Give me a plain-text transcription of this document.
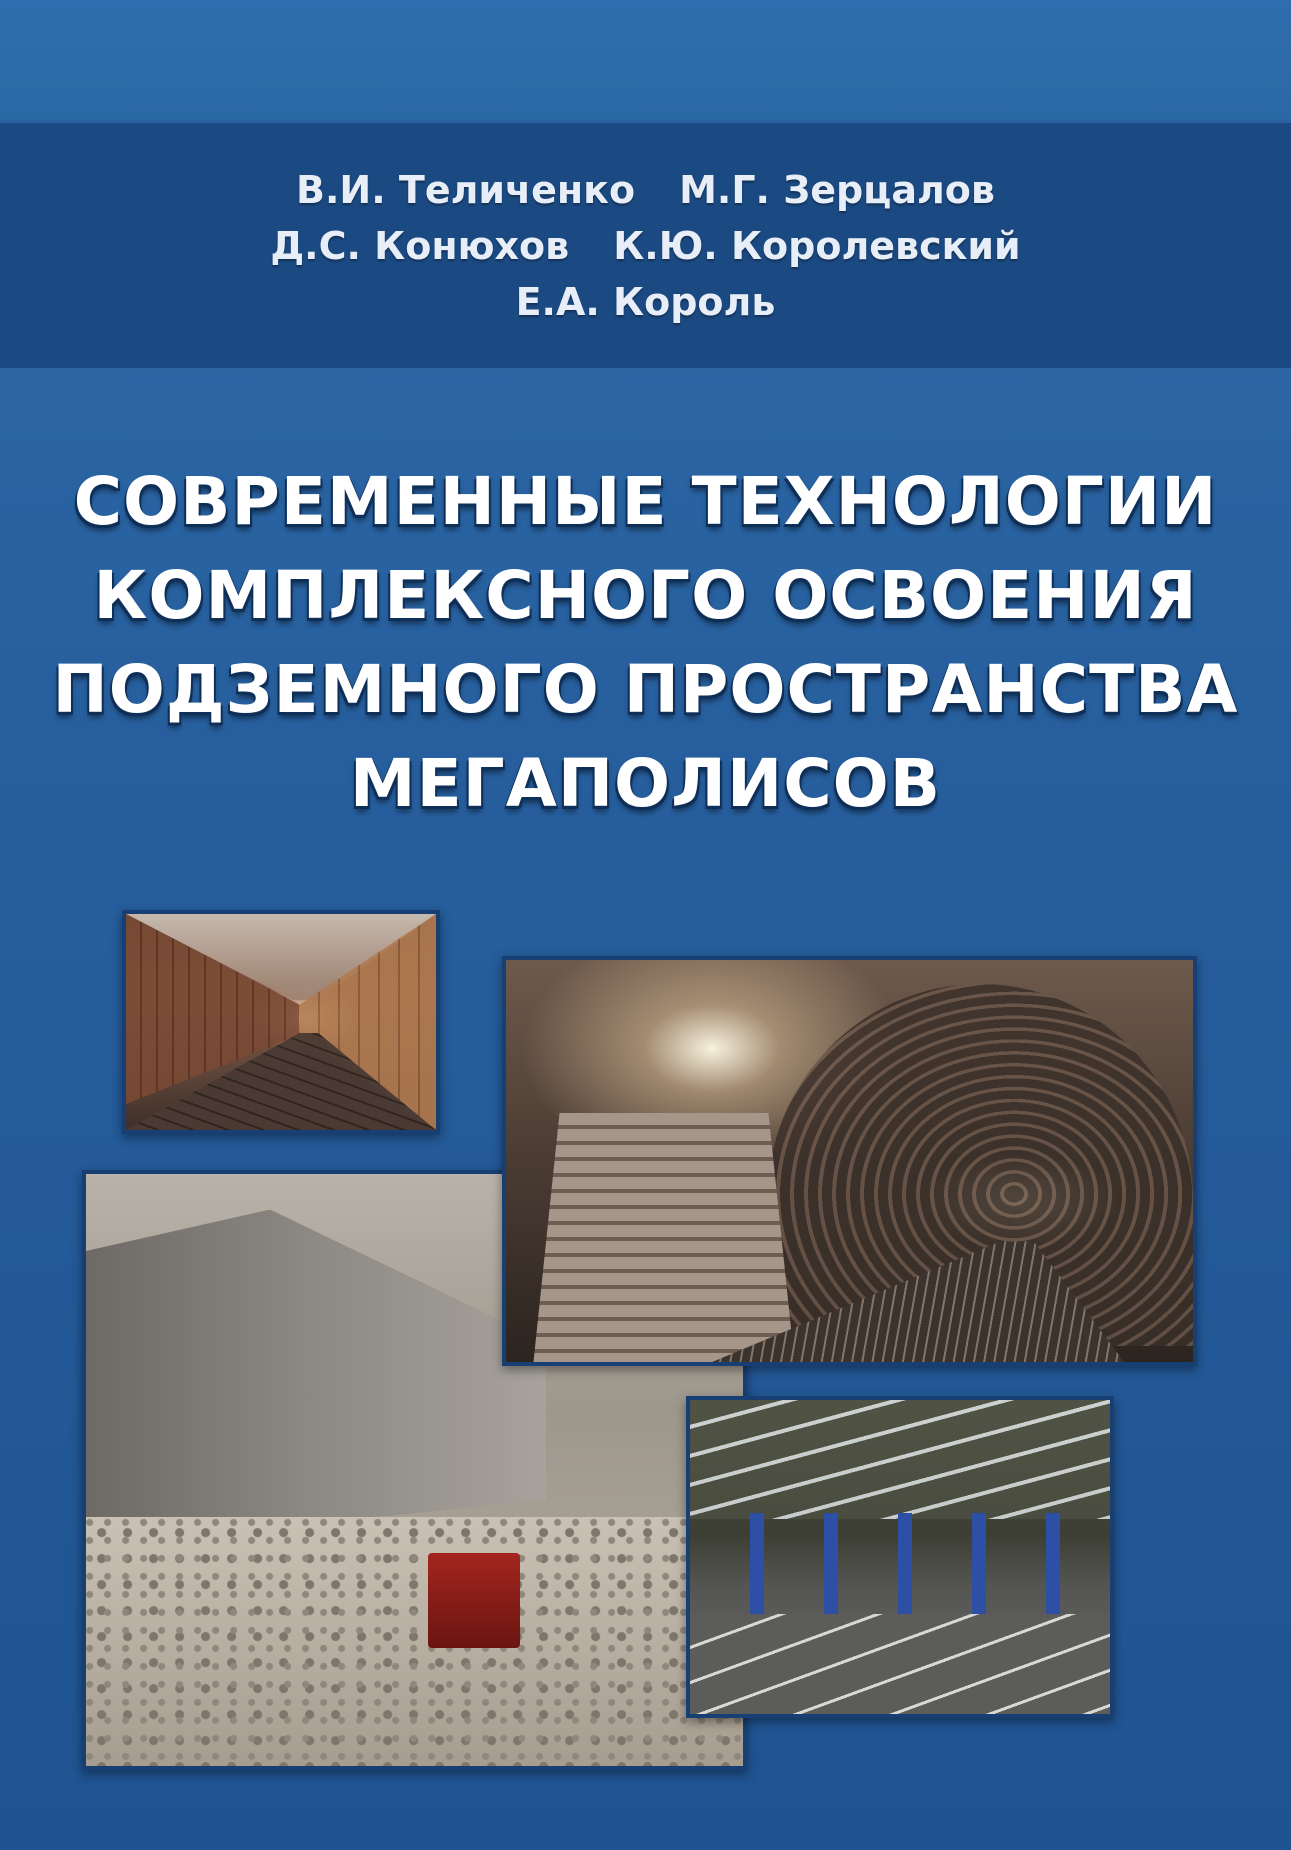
В.И. Теличенко М.Г. Зерцалов
Д.С. Конюхов К.Ю. Королевский
Е.А. Король
СОВРЕМЕННЫЕ ТЕХНОЛОГИИ
КОМПЛЕКСНОГО ОСВОЕНИЯ
ПОДЗЕМНОГО ПРОСТРАНСТВА
МЕГАПОЛИСОВ
